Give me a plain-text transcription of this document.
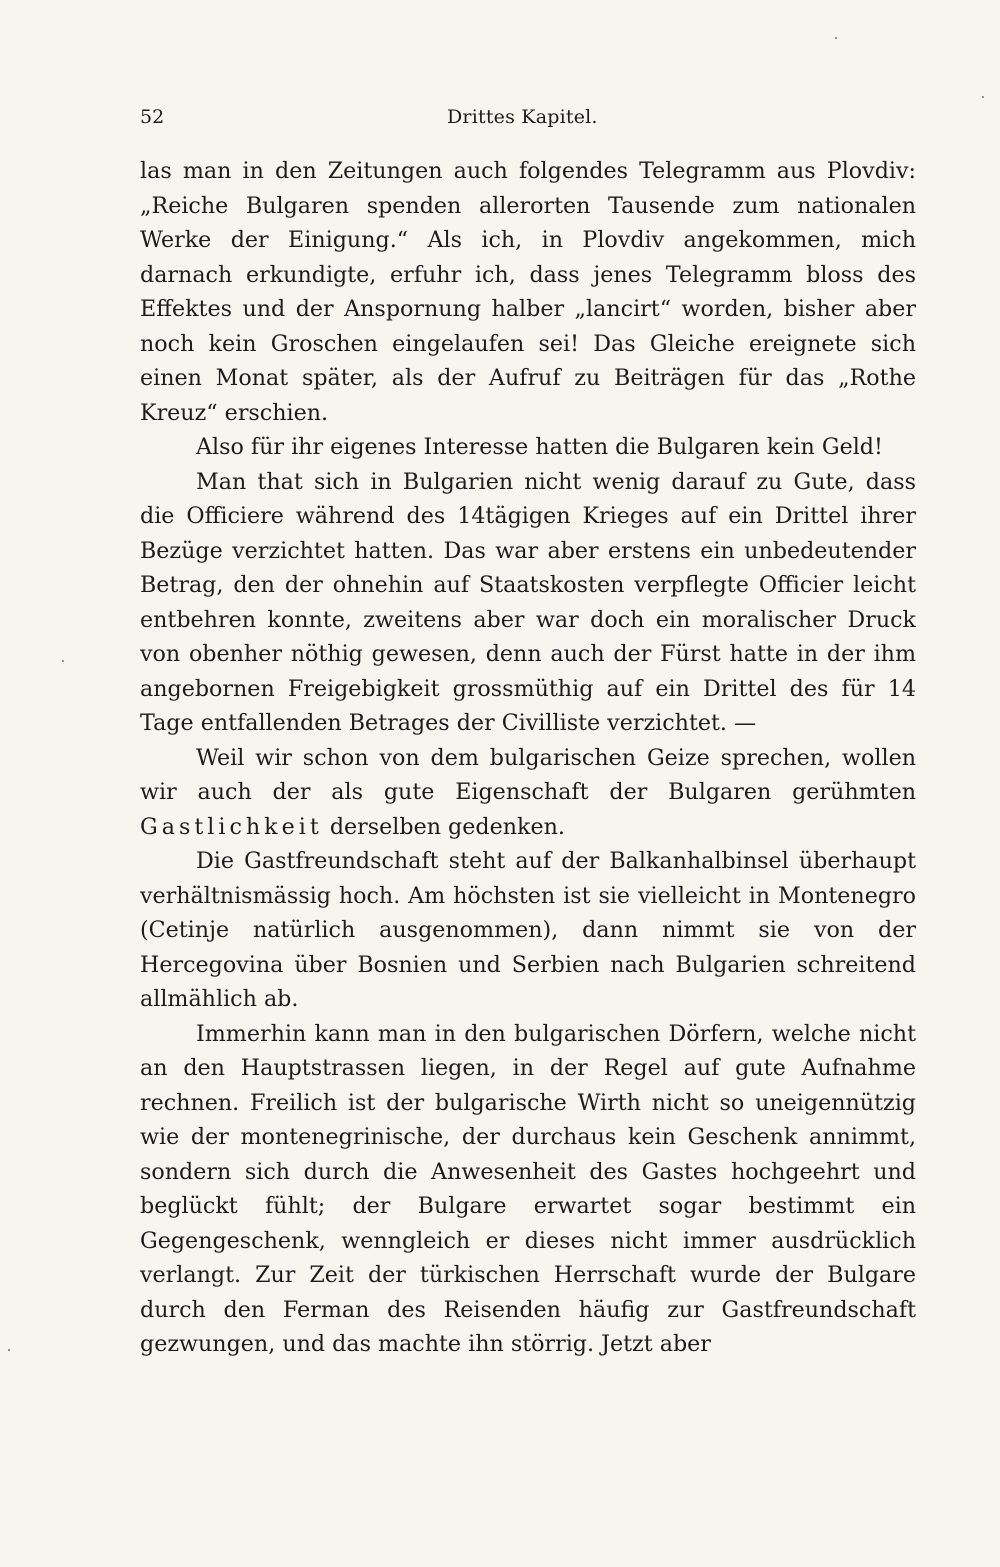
52	Drittes Kapitel.

las man in den Zeitungen auch folgendes Telegramm aus Plovdiv: „Reiche Bulgaren spenden allerorten Tausende zum nationalen Werke der Einigung.“ Als ich, in Plovdiv angekommen, mich darnach erkundigte, erfuhr ich, dass jenes Telegramm bloss des Effektes und der Anspornung halber „lancirt“ worden, bisher aber noch kein Groschen eingelaufen sei! Das Gleiche ereignete sich einen Monat später, als der Aufruf zu Beiträgen für das „Rothe Kreuz“ erschien.

Also für ihr eigenes Interesse hatten die Bulgaren kein Geld!

Man that sich in Bulgarien nicht wenig darauf zu Gute, dass die Officiere während des 14tägigen Krieges auf ein Drittel ihrer Bezüge verzichtet hatten. Das war aber erstens ein unbedeutender Betrag, den der ohnehin auf Staatskosten verpflegte Officier leicht entbehren konnte, zweitens aber war doch ein moralischer Druck von obenher nöthig gewesen, denn auch der Fürst hatte in der ihm angebornen Freigebigkeit grossmüthig auf ein Drittel des für 14 Tage entfallenden Betrages der Civilliste verzichtet. —

Weil wir schon von dem bulgarischen Geize sprechen, wollen wir auch der als gute Eigenschaft der Bulgaren gerühmten Gastlichkeit derselben gedenken.

Die Gastfreundschaft steht auf der Balkanhalbinsel überhaupt verhältnismässig hoch. Am höchsten ist sie vielleicht in Montenegro (Cetinje natürlich ausgenommen), dann nimmt sie von der Hercegovina über Bosnien und Serbien nach Bulgarien schreitend allmählich ab.

Immerhin kann man in den bulgarischen Dörfern, welche nicht an den Hauptstrassen liegen, in der Regel auf gute Aufnahme rechnen. Freilich ist der bulgarische Wirth nicht so uneigennützig wie der montenegrinische, der durchaus kein Geschenk annimmt, sondern sich durch die Anwesenheit des Gastes hochgeehrt und beglückt fühlt; der Bulgare erwartet sogar bestimmt ein Gegengeschenk, wenngleich er dieses nicht immer ausdrücklich verlangt. Zur Zeit der türkischen Herrschaft wurde der Bulgare durch den Ferman des Reisenden häufig zur Gastfreundschaft gezwungen, und das machte ihn störrig. Jetzt aber
